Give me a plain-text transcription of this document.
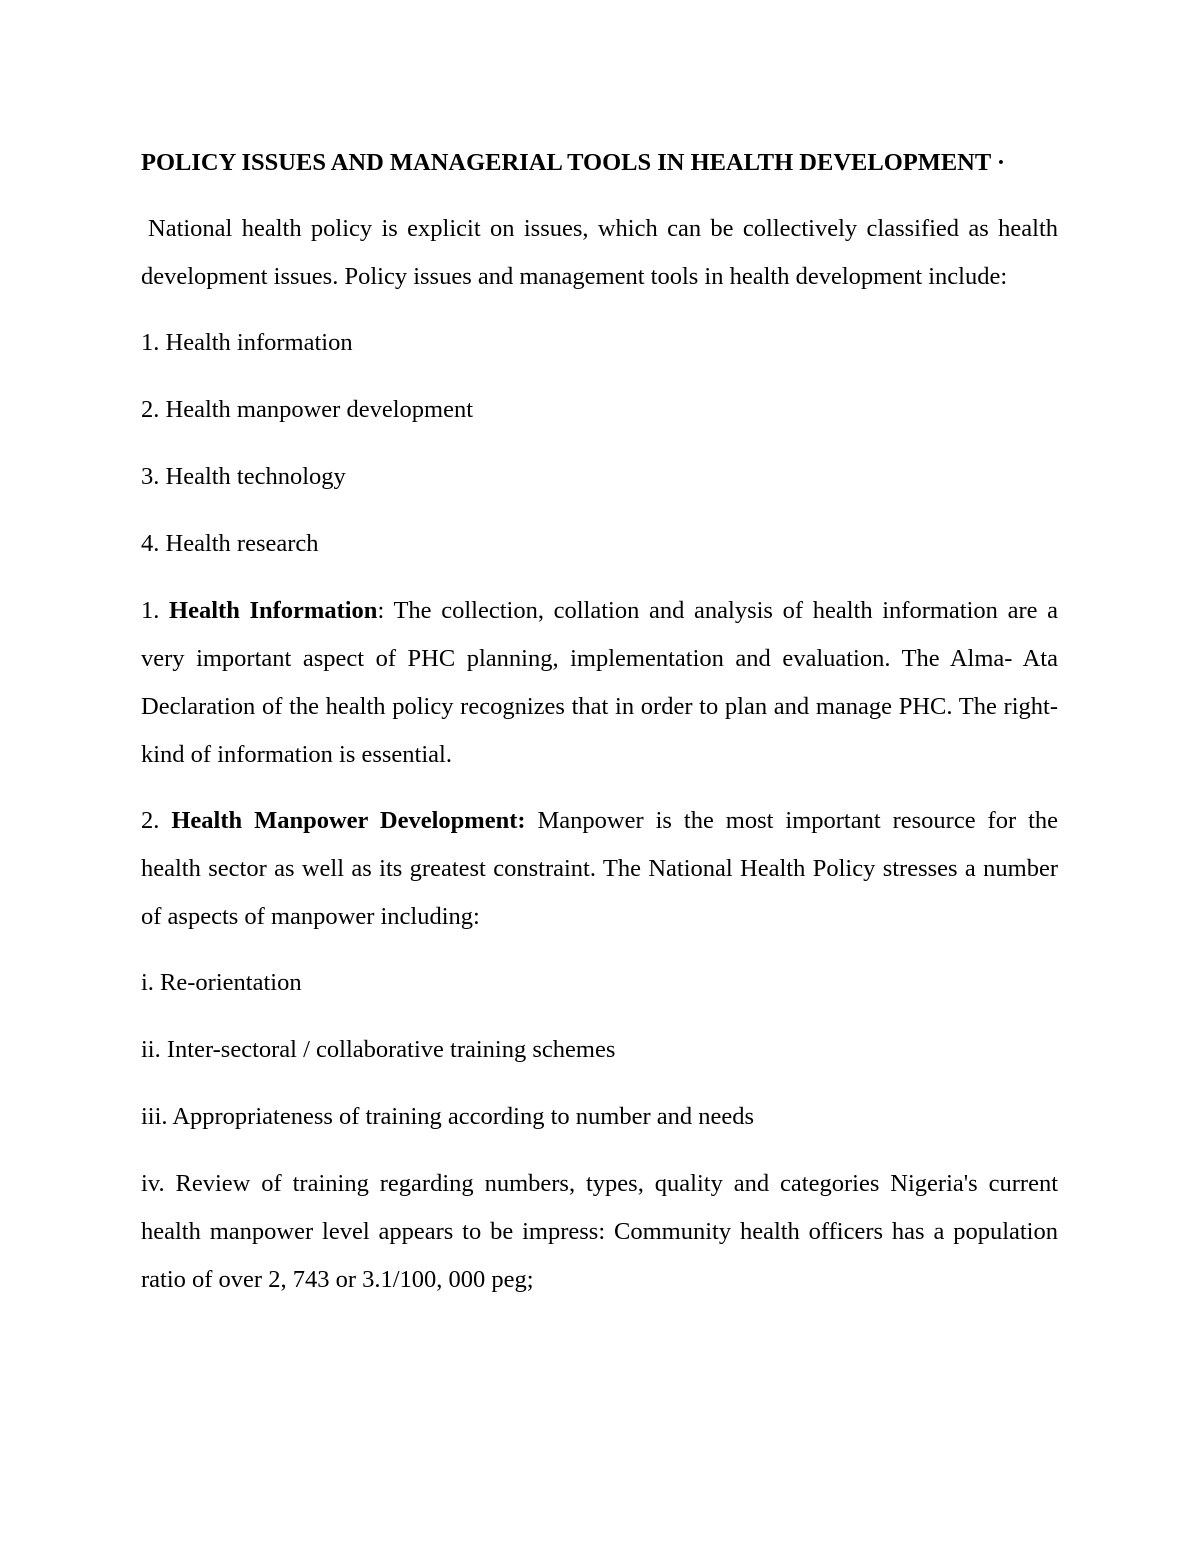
POLICY ISSUES AND MANAGERIAL TOOLS IN HEALTH DEVELOPMENT ·
National health policy is explicit on issues, which can be collectively classified as health development issues. Policy issues and management tools in health development include:
1. Health information
2. Health manpower development
3. Health technology
4. Health research
1. Health Information: The collection, collation and analysis of health information are a very important aspect of PHC planning, implementation and evaluation. The Alma- Ata Declaration of the health policy recognizes that in order to plan and manage PHC. The right-kind of information is essential.
2. Health Manpower Development: Manpower is the most important resource for the health sector as well as its greatest constraint. The National Health Policy stresses a number of aspects of manpower including:
i. Re-orientation
ii. Inter-sectoral / collaborative training schemes
iii. Appropriateness of training according to number and needs
iv. Review of training regarding numbers, types, quality and categories Nigeria's current health manpower level appears to be impress: Community health officers has a population ratio of over 2, 743 or 3.1/100, 000 peg;
